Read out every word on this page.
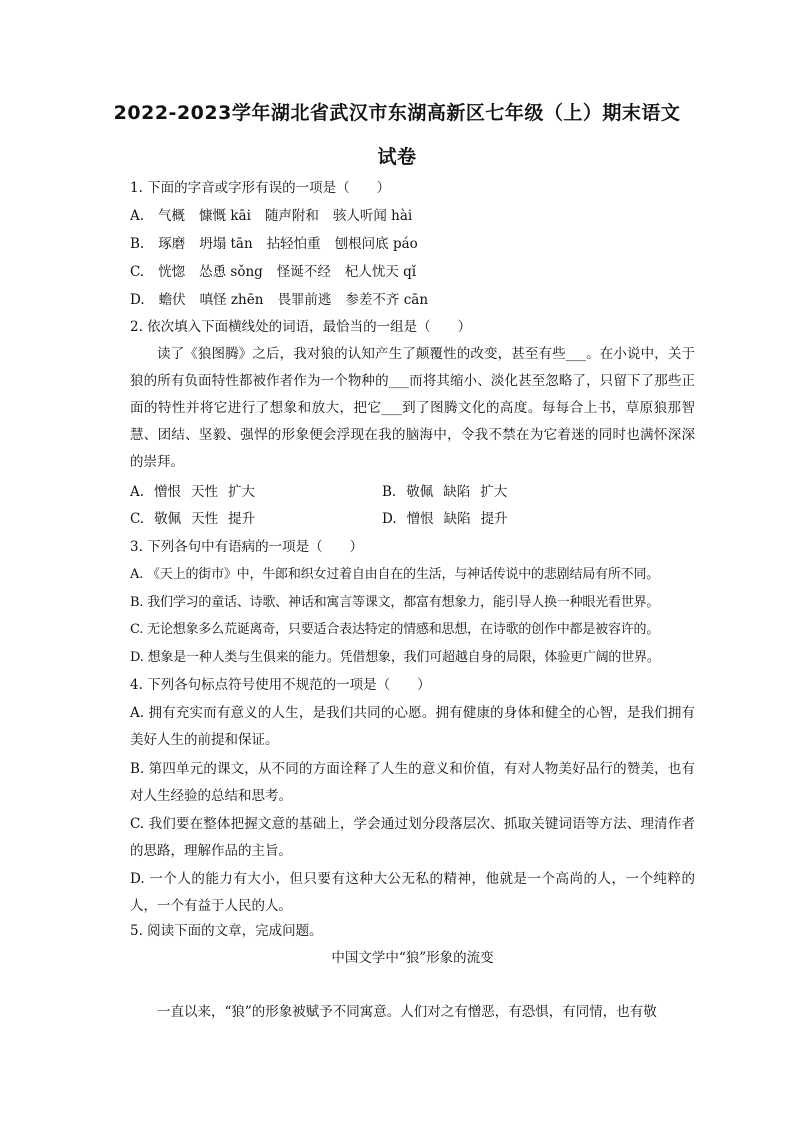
2022-2023学年湖北省武汉市东湖高新区七年级（上）期末语文
试卷
1. 下面的字音或字形有误的一项是（　　）
A. 气概 慷慨 kāi 随声附和 骇人听闻 hài
B. 琢磨 坍塌 tān 拈轻怕重 刨根问底 páo
C. 恍惚 怂恿 sǒng 怪诞不经 杞人忧天 qǐ
D. 蟾伏 嗔怪 zhēn 畏罪前逃 参差不齐 cān
2. 依次填入下面横线处的词语，最恰当的一组是（　　）
读了《狼图腾》之后，我对狼的认知产生了颠覆性的改变，甚至有些___。在小说中，关于狼的所有负面特性都被作者作为一个物种的___而将其缩小、淡化甚至忽略了，只留下了那些正面的特性并将它进行了想象和放大，把它___到了图腾文化的高度。每每合上书，草原狼那智慧、团结、坚毅、强悍的形象便会浮现在我的脑海中，令我不禁在为它着迷的同时也满怀深深的崇拜。
A. 憎恨 天性 扩大	B. 敬佩 缺陷 扩大
C. 敬佩 天性 提升	D. 憎恨 缺陷 提升
3. 下列各句中有语病的一项是（　　）
A. 《天上的街市》中，牛郎和织女过着自由自在的生活，与神话传说中的悲剧结局有所不同。
B. 我们学习的童话、诗歌、神话和寓言等课文，都富有想象力，能引导人换一种眼光看世界。
C. 无论想象多么荒诞离奇，只要适合表达特定的情感和思想，在诗歌的创作中都是被容许的。
D. 想象是一种人类与生俱来的能力。凭借想象，我们可超越自身的局限，体验更广阔的世界。
4. 下列各句标点符号使用不规范的一项是（　　）
A. 拥有充实而有意义的人生，是我们共同的心愿。拥有健康的身体和健全的心智，是我们拥有美好人生的前提和保证。
B. 第四单元的课文，从不同的方面诠释了人生的意义和价值，有对人物美好品行的赞美，也有对人生经验的总结和思考。
C. 我们要在整体把握文意的基础上，学会通过划分段落层次、抓取关键词语等方法、理清作者的思路，理解作品的主旨。
D. 一个人的能力有大小，但只要有这种大公无私的精神，他就是一个高尚的人，一个纯粹的人，一个有益于人民的人。
5. 阅读下面的文章，完成问题。
中国文学中“狼”形象的流变
一直以来，“狼”的形象被赋予不同寓意。人们对之有憎恶，有恐惧，有同情，也有敬
